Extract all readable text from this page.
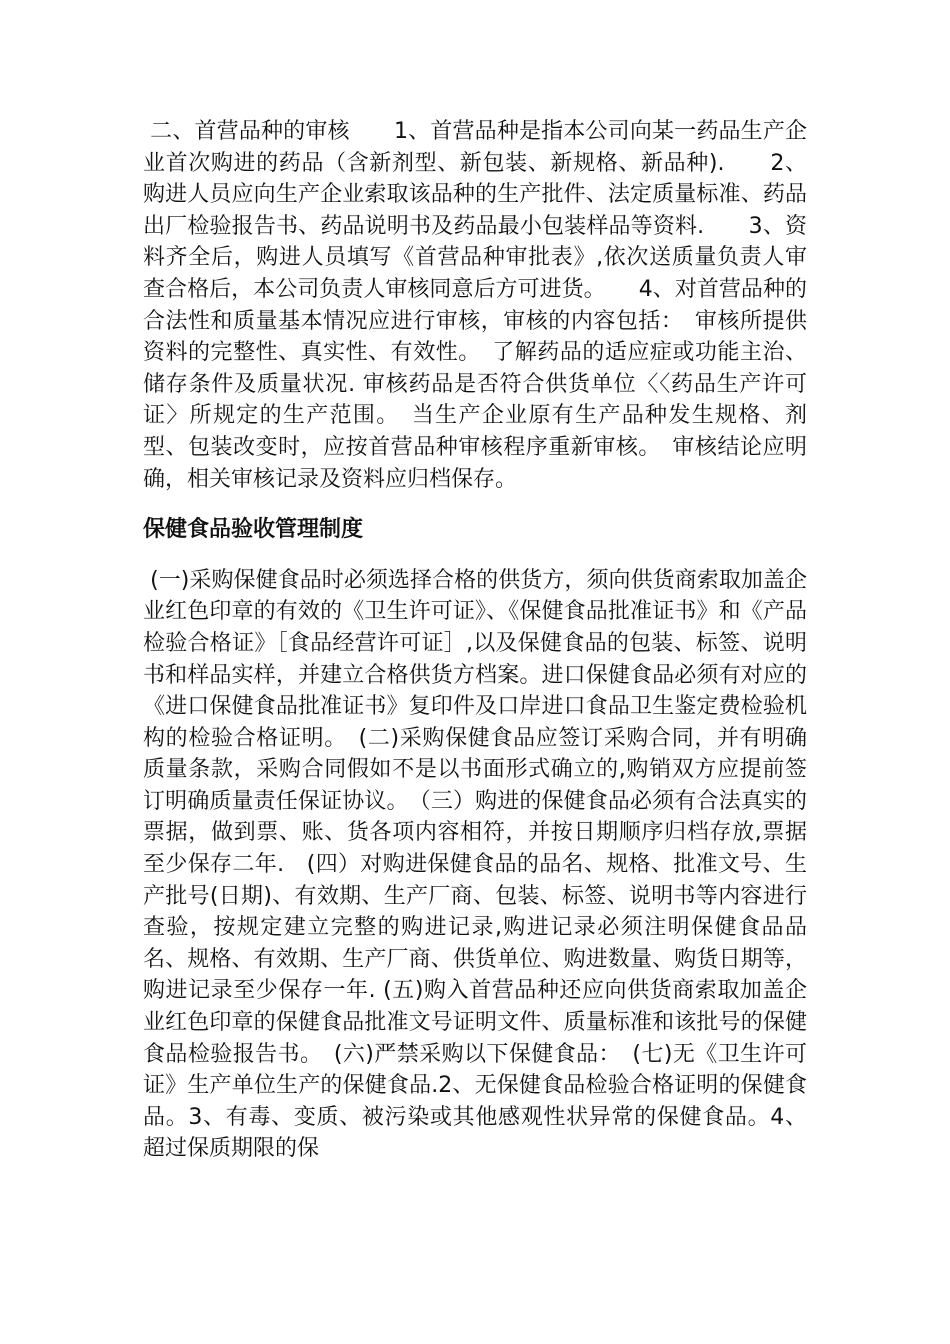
二、首营品种的审核　　1、首营品种是指本公司向某一药品生产企业首次购进的药品（含新剂型、新包装、新规格、新品种).　　2、购进人员应向生产企业索取该品种的生产批件、法定质量标准、药品出厂检验报告书、药品说明书及药品最小包装样品等资料.　　3、资料齐全后，购进人员填写《首营品种审批表》,依次送质量负责人审查合格后，本公司负责人审核同意后方可进货。　　4、对首营品种的合法性和质量基本情况应进行审核，审核的内容包括：　审核所提供资料的完整性、真实性、有效性。　了解药品的适应症或功能主治、储存条件及质量状况. 审核药品是否符合供货单位〈〈药品生产许可证〉所规定的生产范围。　当生产企业原有生产品种发生规格、剂型、包装改变时，应按首营品种审核程序重新审核。　审核结论应明确，相关审核记录及资料应归档保存。

保健食品验收管理制度

(一)采购保健食品时必须选择合格的供货方，须向供货商索取加盖企业红色印章的有效的《卫生许可证》、《保健食品批准证书》和《产品检验合格证》［食品经营许可证］,以及保健食品的包装、标签、说明书和样品实样，并建立合格供货方档案。进口保健食品必须有对应的《进口保健食品批准证书》复印件及口岸进口食品卫生鉴定费检验机构的检验合格证明。　(二)采购保健食品应签订采购合同，并有明确质量条款，采购合同假如不是以书面形式确立的,购销双方应提前签订明确质量责任保证协议。　（三）购进的保健食品必须有合法真实的票据，做到票、账、货各项内容相符，并按日期顺序归档存放,票据至少保存二年.　(四）对购进保健食品的品名、规格、批准文号、生产批号(日期)、有效期、生产厂商、包装、标签、说明书等内容进行查验，按规定建立完整的购进记录,购进记录必须注明保健食品品名、规格、有效期、生产厂商、供货单位、购进数量、购货日期等，购进记录至少保存一年. (五)购入首营品种还应向供货商索取加盖企业红色印章的保健食品批准文号证明文件、质量标准和该批号的保健食品检验报告书。　(六)严禁采购以下保健食品：　(七)无《卫生许可证》生产单位生产的保健食品.2、无保健食品检验合格证明的保健食品。3、有毒、变质、被污染或其他感观性状异常的保健食品。4、超过保质期限的保
